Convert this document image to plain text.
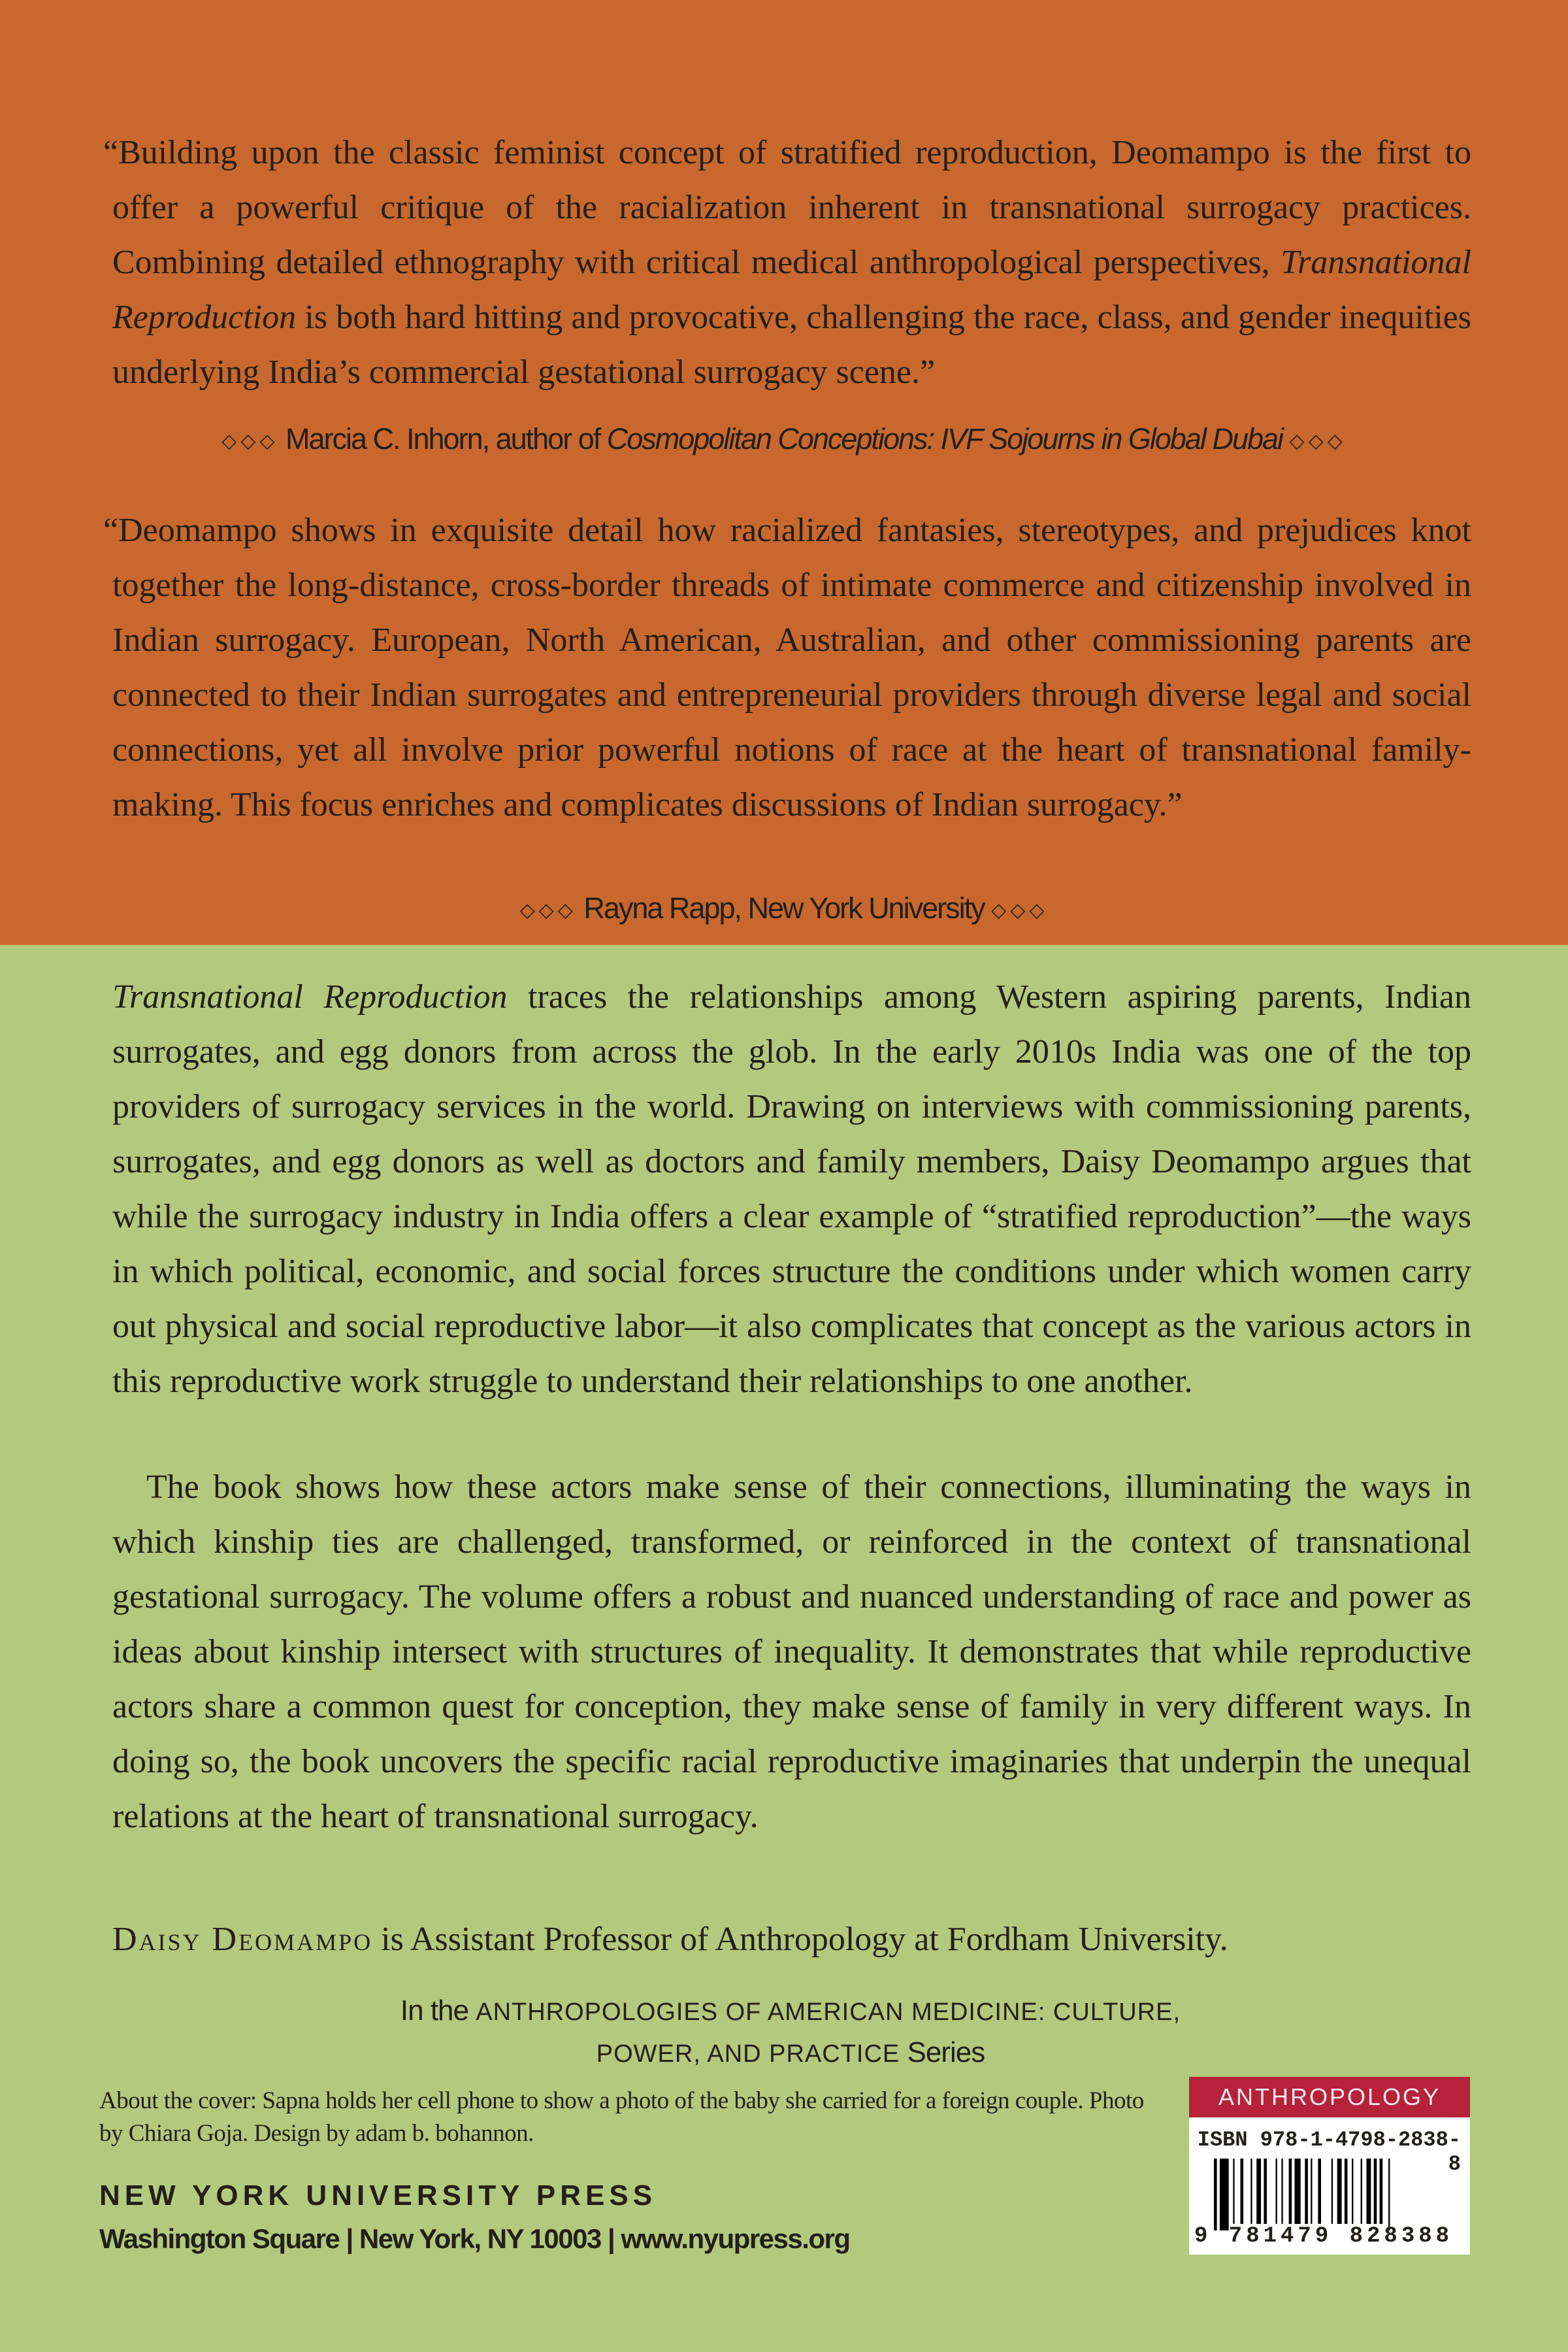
“Building upon the classic feminist concept of stratified reproduction, Deomampo is the first to offer a powerful critique of the racialization inherent in transnational surrogacy practices. Combining detailed ethnography with critical medical anthropological perspectives, Transnational Reproduction is both hard hitting and provocative, challenging the race, class, and gender inequities underlying India’s commercial gestational surrogacy scene.”

◇◇◇ Marcia C. Inhorn, author of Cosmopolitan Conceptions: IVF Sojourns in Global Dubai ◇◇◇

“Deomampo shows in exquisite detail how racialized fantasies, stereotypes, and prejudices knot together the long-distance, cross-border threads of intimate commerce and citizenship involved in Indian surrogacy. European, North American, Australian, and other commissioning parents are connected to their Indian surrogates and entrepreneurial providers through diverse legal and social connections, yet all involve prior powerful notions of race at the heart of transnational family-making. This focus enriches and complicates discussions of Indian surrogacy.”

◇◇◇ Rayna Rapp, New York University ◇◇◇

Transnational Reproduction traces the relationships among Western aspiring parents, Indian surrogates, and egg donors from across the glob. In the early 2010s India was one of the top providers of surrogacy services in the world. Drawing on interviews with commissioning parents, surrogates, and egg donors as well as doctors and family members, Daisy Deomampo argues that while the surrogacy industry in India offers a clear example of “stratified reproduction”—the ways in which political, economic, and social forces structure the conditions under which women carry out physical and social reproductive labor—it also complicates that concept as the various actors in this reproductive work struggle to understand their relationships to one another.

The book shows how these actors make sense of their connections, illuminating the ways in which kinship ties are challenged, transformed, or reinforced in the context of transnational gestational surrogacy. The volume offers a robust and nuanced understanding of race and power as ideas about kinship intersect with structures of inequality. It demonstrates that while reproductive actors share a common quest for conception, they make sense of family in very different ways. In doing so, the book uncovers the specific racial reproductive imaginaries that underpin the unequal relations at the heart of transnational surrogacy.

Daisy Deomampo is Assistant Professor of Anthropology at Fordham University.

In the ANTHROPOLOGIES OF AMERICAN MEDICINE: CULTURE,
POWER, AND PRACTICE Series
About the cover: Sapna holds her cell phone to show a photo of the baby she carried for a foreign couple. Photo by Chiara Goja. Design by adam b. bohannon.
NEW YORK UNIVERSITY PRESS
Washington Square | New York, NY 10003 | www.nyupress.org
ANTHROPOLOGY
ISBN 978-1-4798-2838-8
9 781479 828388
